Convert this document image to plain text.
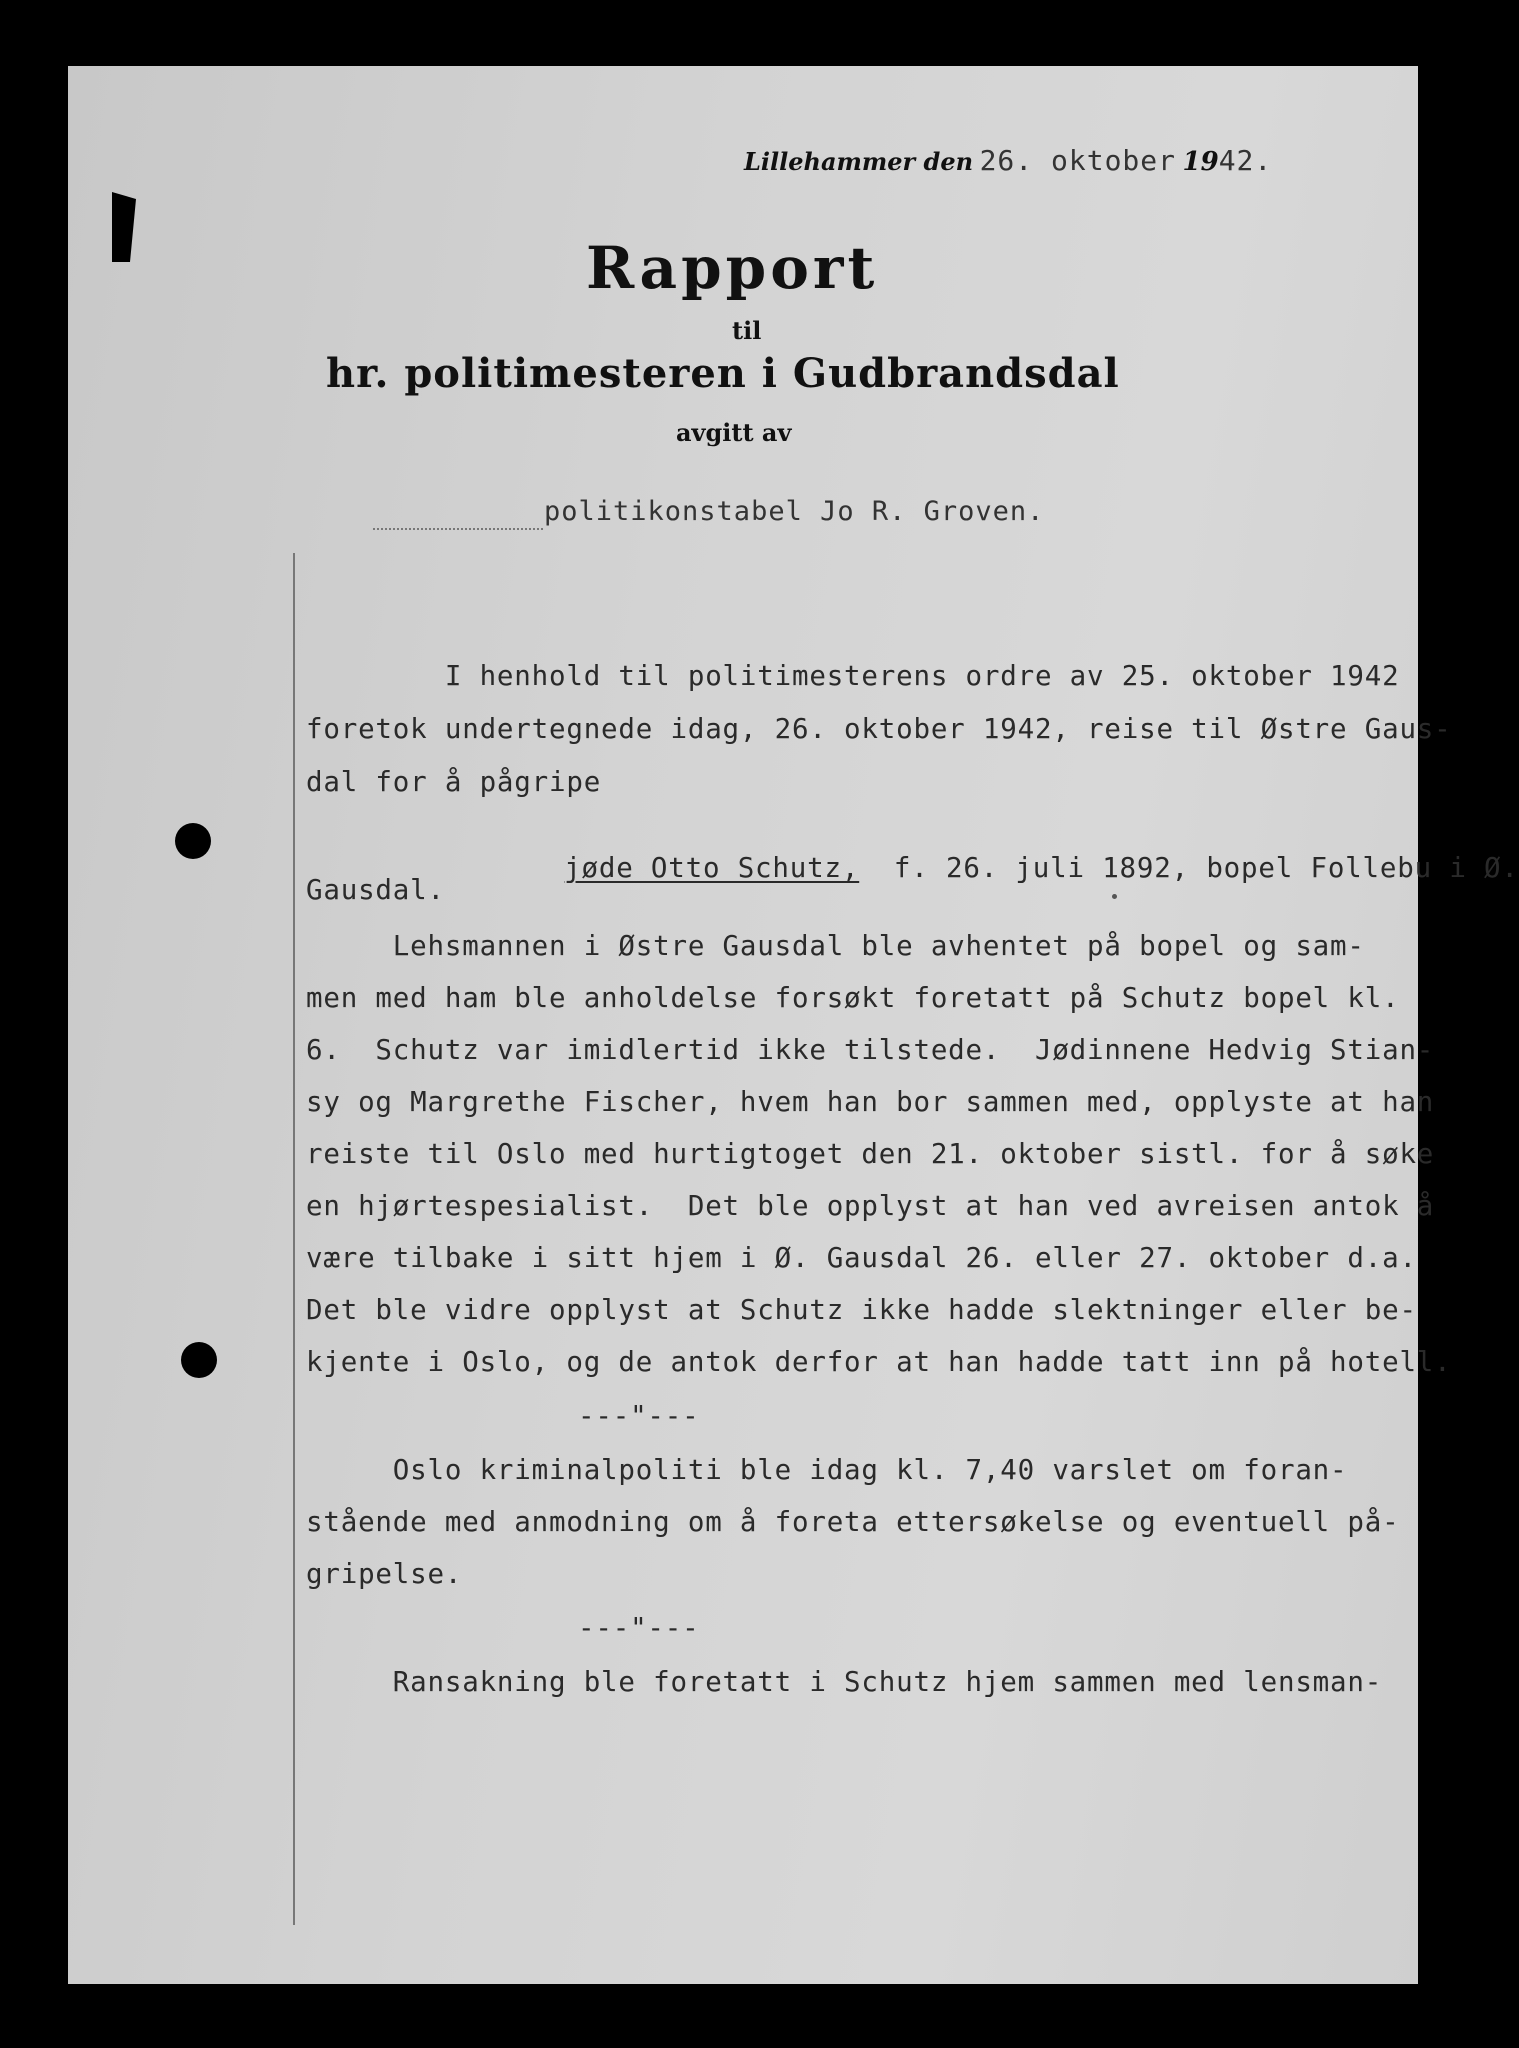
Lillehammer den 26. oktober 1942.
Rapport
til
hr. politimesteren i Gudbrandsdal
avgitt av
politikonstabel Jo R. Groven.
I henhold til politimesterens ordre av 25. oktober 1942
foretok undertegnede idag, 26. oktober 1942, reise til Østre Gaus-
dal for å pågripe

jøde Otto Schutz,  f. 26. juli 1892, bopel Follebu i Ø.

Gausdal.
Lehsmannen i Østre Gausdal ble avhentet på bopel og sam-
men med ham ble anholdelse forsøkt foretatt på Schutz bopel kl.
6.  Schutz var imidlertid ikke tilstede.  Jødinnene Hedvig Stian-
sy og Margrethe Fischer, hvem han bor sammen med, opplyste at han
reiste til Oslo med hurtigtoget den 21. oktober sistl. for å søke
en hjørtespesialist.  Det ble opplyst at han ved avreisen antok å
være tilbake i sitt hjem i Ø. Gausdal 26. eller 27. oktober d.a.
Det ble vidre opplyst at Schutz ikke hadde slektninger eller be-
kjente i Oslo, og de antok derfor at han hadde tatt inn på hotell.
---"---
Oslo kriminalpoliti ble idag kl. 7,40 varslet om foran-
stående med anmodning om å foreta ettersøkelse og eventuell på-
gripelse.
---"---
Ransakning ble foretatt i Schutz hjem sammen med lensman-
